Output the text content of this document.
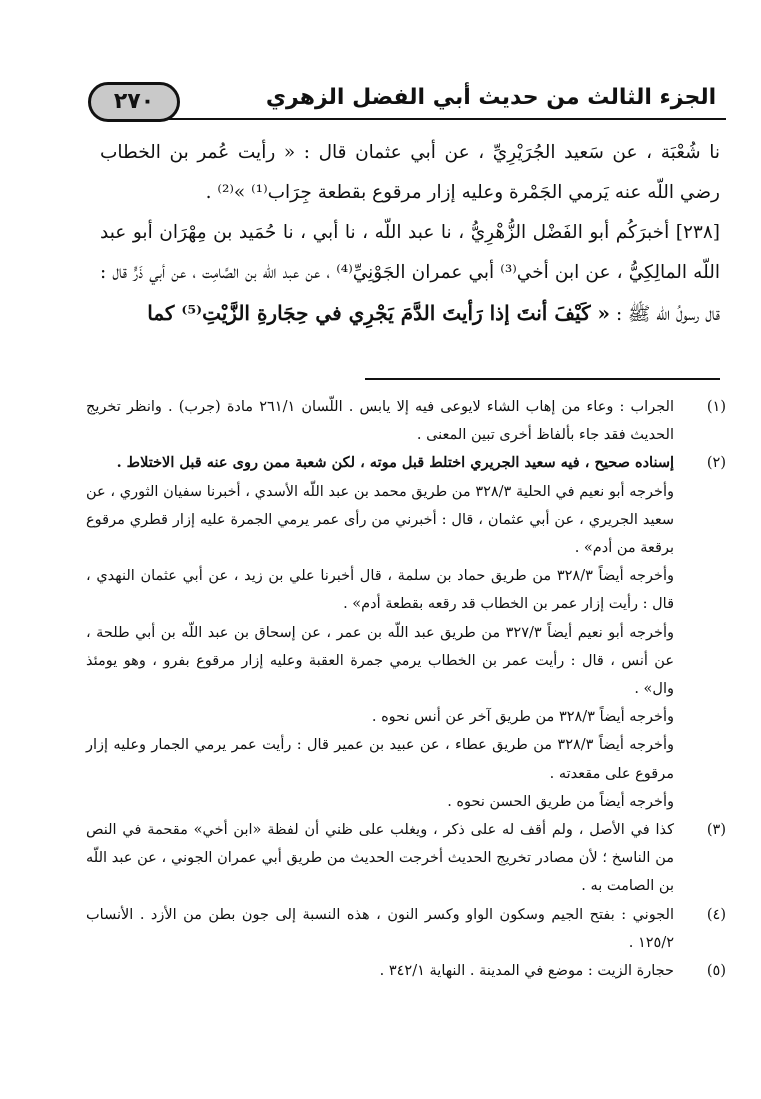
الجزء الثالث من حديث أبي الفضل الزهري
٢٧٠

نا شُعْبَة ، عن سَعيد الجُرَيْرِيِّ ، عن أبي عثمان قال : « رأيت عُمر بن الخطاب رضي اللّه عنه يَرمي الجَمْرة وعليه إزار مرقوع بقطعة جِرَاب⁽¹⁾ »⁽²⁾ .

[٢٣٨] أخبرَكُم أبو الفَضْل الزُّهْرِيُّ ، نا عبد اللّه ، نا أبي ، نا حُمَيد بن مِهْرَان أبو عبد اللّه المالِكِيُّ ، عن ابن أخي⁽³⁾ أبي عمران الجَوْنِيِّ⁽⁴⁾ ، عن عبد اللّه بن الصَّامِت ، عن أبي ذَرٍّ قال : قال رسولُ اللّه ﷺ : « كَيْفَ أنتَ إذا رَأيتَ الدَّمَ يَجْرِي في حِجَارةِ الزَّيْتِ⁽⁵⁾ كما

(١)
الجراب : وعاء من إهاب الشاء لايوعى فيه إلا يابس . اللّسان ٢٦١/١ مادة (جرب) . وانظر تخريج الحديث فقد جاء بألفاظ أخرى تبين المعنى .
(٢)
إسناده صحيح ، فيه سعيد الجريري اختلط قبل موته ، لكن شعبة ممن روى عنه قبل الاختلاط .
وأخرجه أبو نعيم في الحلية ٣٢٨/٣ من طريق محمد بن عبد اللّه الأسدي ، أخبرنا سفيان الثوري ، عن سعيد الجريري ، عن أبي عثمان ، قال : أخبرني من رأى عمر يرمي الجمرة عليه إزار قطري مرقوع برقعة من أدم» .
وأخرجه أيضاً ٣٢٨/٣ من طريق حماد بن سلمة ، قال أخبرنا علي بن زيد ، عن أبي عثمان النهدي ، قال : رأيت إزار عمر بن الخطاب قد رقعه بقطعة أدم» .
وأخرجه أبو نعيم أيضاً ٣٢٧/٣ من طريق عبد اللّه بن عمر ، عن إسحاق بن عبد اللّه بن أبي طلحة ، عن أنس ، قال : رأيت عمر بن الخطاب يرمي جمرة العقبة وعليه إزار مرقوع بفرو ، وهو يومئذ وال» .
وأخرجه أيضاً ٣٢٨/٣ من طريق آخر عن أنس نحوه .
وأخرجه أيضاً ٣٢٨/٣ من طريق عطاء ، عن عبيد بن عمير قال : رأيت عمر يرمي الجمار وعليه إزار مرقوع على مقعدته .
وأخرجه أيضاً من طريق الحسن نحوه .
(٣)
كذا في الأصل ، ولم أقف له على ذكر ، ويغلب على ظني أن لفظة «ابن أخي» مقحمة في النص من الناسخ ؛ لأن مصادر تخريج الحديث أخرجت الحديث من طريق أبي عمران الجوني ، عن عبد اللّه بن الصامت به .
(٤)
الجوني : بفتح الجيم وسكون الواو وكسر النون ، هذه النسبة إلى جون بطن من الأزد . الأنساب ١٢٥/٢ .
(٥)
حجارة الزيت : موضع في المدينة . النهاية ٣٤٢/١ .
